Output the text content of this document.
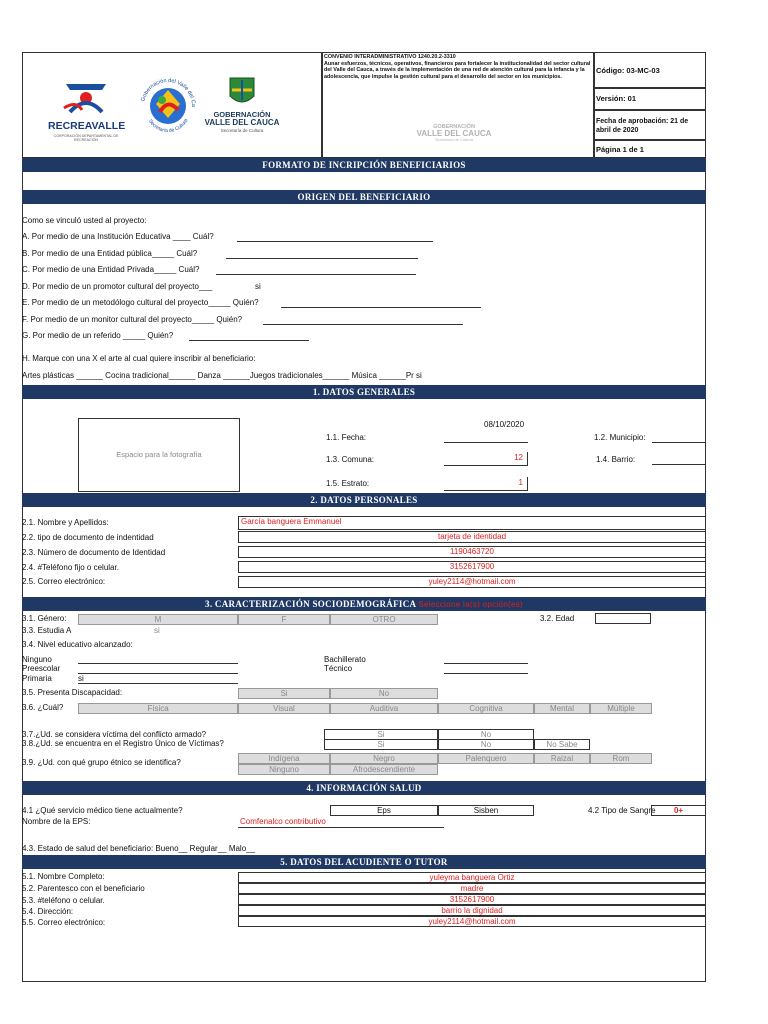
RECREAVALLE
CORPORACIÓN DEPARTAMENTAL DE RECREACIÓN
Gobernación del Valle del Ca
Secretaría de Cultura
GOBERNACIÓN
VALLE DEL CAUCA
Secretaría de Cultura
CONVENIO INTERADMINISTRATIVO 1240.20.2-3310
Aunar esfuerzos, técnicos, operativos, financieros para fortalecer la institucionalidad del sector cultural del Valle del Cauca, a través de la implementación de una red de atención cultural para la infancia y la adolescencia, que impulse la gestión cultural para el desarrollo del sector en los municipios.
GOBERNACIÓN
VALLE DEL CAUCA
Secretaría de Cultura
Código: 03-MC-03
Versión: 01
Fecha de aprobación: 21 de abril de 2020
Página 1 de 1
FORMATO DE INCRIPCIÓN BENEFICIARIOS
ORIGEN DEL BENEFICIARIO
Como se vinculó usted al proyecto:
A. Por medio de una Institución Educativa ____ Cuál?
B. Por medio de una Entidad pública_____ Cuál?
C. Por medio de una Entidad Privada_____ Cuál?
D. Por medio de un promotor cultural del proyecto___	si
E. Por medio de un metodólogo cultural del proyecto_____ Quién?
F. Por medio de un monitor cultural del proyecto_____ Quién?
G. Por medio de un referido _____ Quién?
H. Marque con una X el arte al cual quiere inscribir al beneficiario:
Artes plásticas ______ Cocina tradicional______ Danza ______Juegos tradicionales______ Música ______Pr si
1. DATOS GENERALES
Espacio para la fotografía
08/10/2020
1.1. Fecha:	1.2. Municipio:
1.3. Comuna:	12	1.4. Barrio:
1.5. Estrato:	1
2. DATOS PERSONALES
2.1. Nombre y Apellidos:	García banguera Emmanuel
2.2. tipo de documento de indentidad	tarjeta de identidad
2.3. Número de documento de Identidad	1190463720
2.4. #Teléfono fijo o celular.	3152617900
2.5. Correo electrónico:	yuley2114@hotmail.com
3. CARACTERIZACIÓN SOCIODEMOGRÁFICA Seleccione la(s) opción(es)
3.1. Género:	M	F	OTRO	3.2. Edad
3.3. Estudia A	si
3.4. Nivel educativo alcanzado:
Ninguno
Preescolar
Primaria	si
Bachillerato
Técnico
3.5. Presenta Discapacidad:	Si	No
3.6. ¿Cuál?	Física	Visual	Auditiva	Cognitiva	Mental	Múltiple
3.7.¿Ud. se considera víctima del conflicto armado?	Si	No
3.8.¿Ud. se encuentra en el Registro Único de Víctimas?	Si	No	No Sabe
3.9. ¿Ud. con qué grupo étnico se identifica?	Indígena	Negro	Palenquero	Raizal	Rom
Ninguno	Afrodescendiente
4. INFORMACIÓN SALUD
4.1 ¿Qué servicio médico tiene actualmente?	Eps	Sisben	4.2 Tipo de Sangre	0+
Nombre de la EPS:	Comfenalco contributivo
4.3. Estado de salud del beneficiario: Bueno__ Regular__ Malo__
5. DATOS DEL ACUDIENTE O TUTOR
5.1. Nombre Completo:	yuleyma banguera Ortiz
5.2. Parentesco con el beneficiario	madre
5.3. #teléfono o celular.	3152617900
5.4. Dirección:	barrio la dignidad
5.5. Correo electrónico:	yuley2114@hotmail.com
